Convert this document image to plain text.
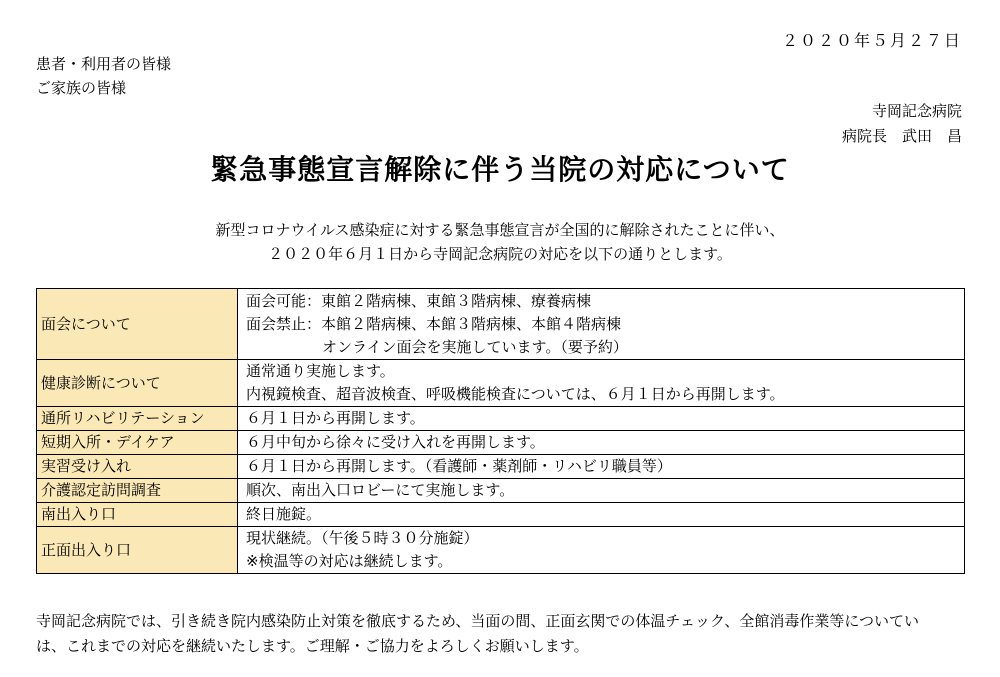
２０２０年５月２７日
患者・利用者の皆様
ご家族の皆様
寺岡記念病院
病院長　武田　昌
緊急事態宣言解除に伴う当院の対応について
新型コロナウイルス感染症に対する緊急事態宣言が全国的に解除されたことに伴い、
２０２０年６月１日から寺岡記念病院の対応を以下の通りとします。
面会について	面会可能：東館２階病棟、東館３階病棟、療養病棟
面会禁止：本館２階病棟、本館３階病棟、本館４階病棟
オンライン面会を実施しています。（要予約）

健康診断について	通常通り実施します。
内視鏡検査、超音波検査、呼吸機能検査については、６月１日から再開します。

通所リハビリテーション	６月１日から再開します。
短期入所・デイケア	６月中旬から徐々に受け入れを再開します。
実習受け入れ	６月１日から再開します。（看護師・薬剤師・リハビリ職員等）
介護認定訪問調査	順次、南出入口ロビーにて実施します。
南出入り口	終日施錠。
正面出入り口	現状継続。（午後５時３０分施錠）
※検温等の対応は継続します。
寺岡記念病院では、引き続き院内感染防止対策を徹底するため、当面の間、正面玄関での体温チェック、全館消毒作業等についてい
は、これまでの対応を継続いたします。ご理解・ご協力をよろしくお願いします。
